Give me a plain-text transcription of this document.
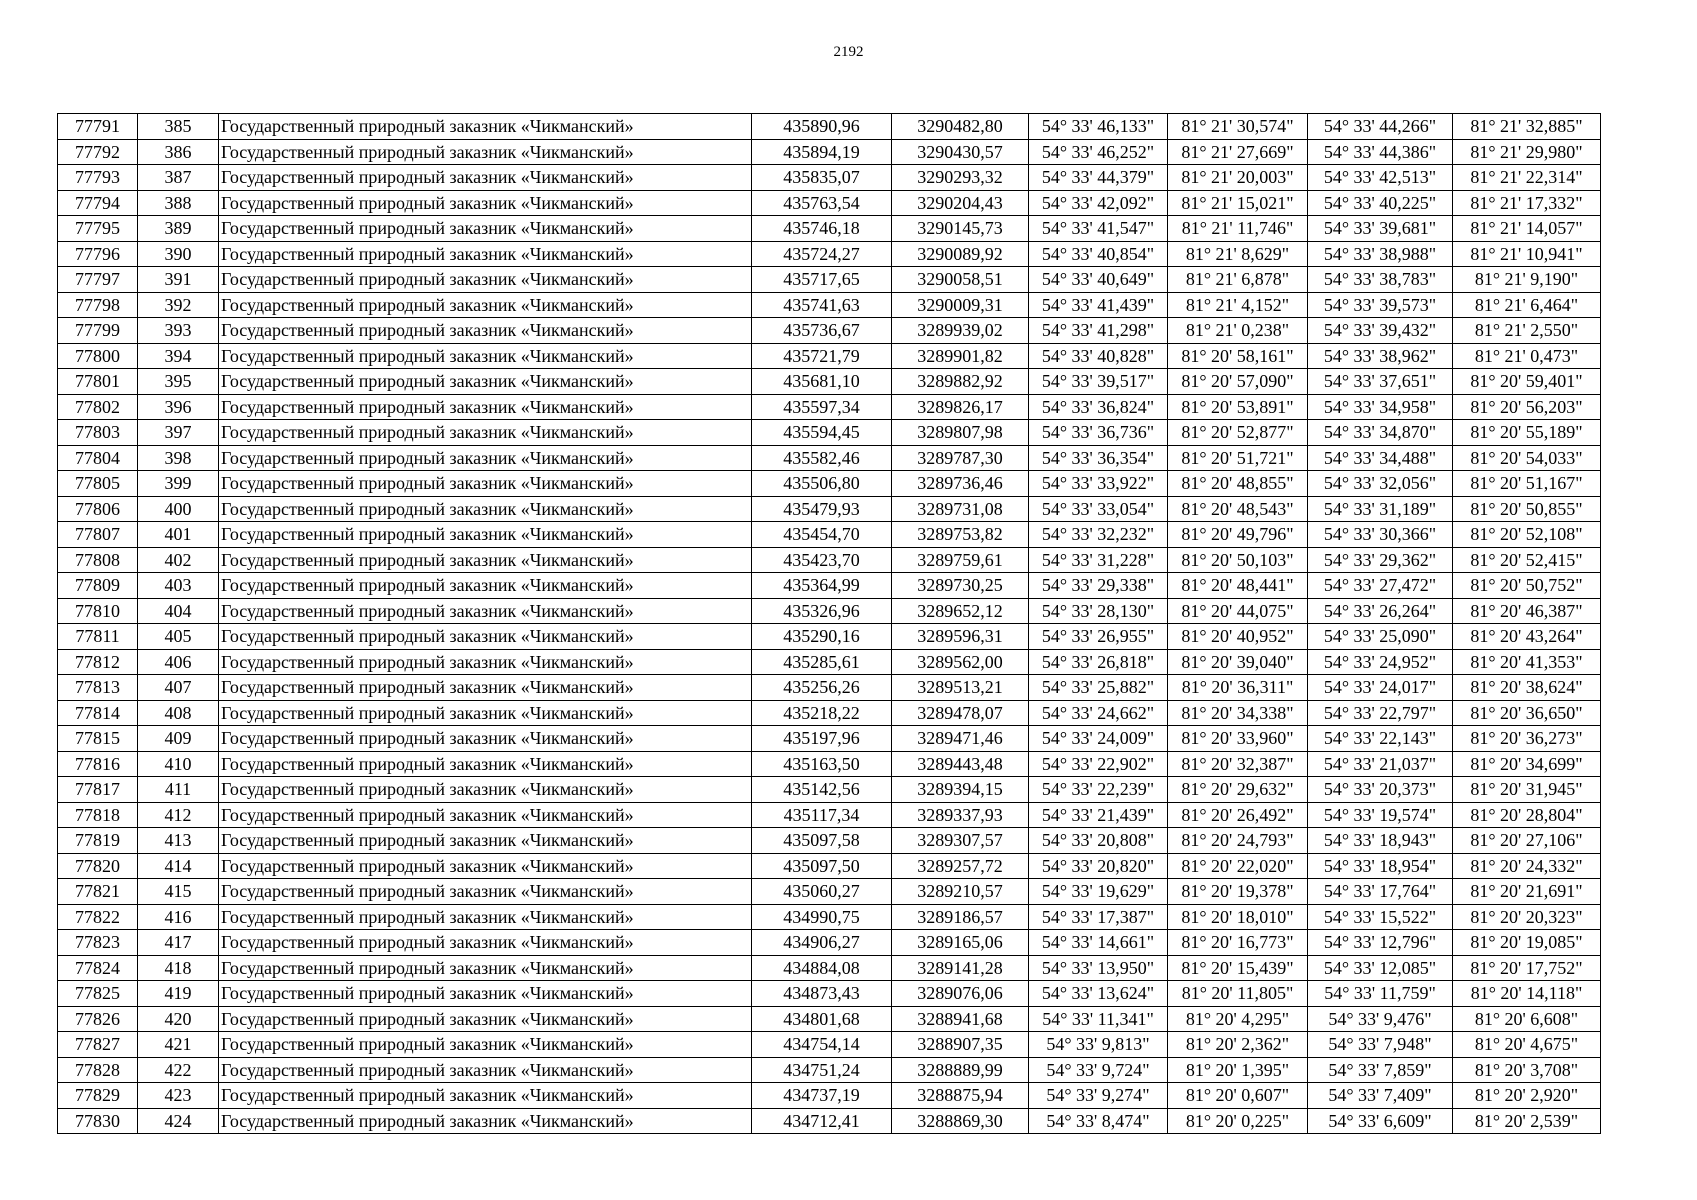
2192
77791	385	Государственный природный заказник «Чикманский»	435890,96	3290482,80	54° 33' 46,133"	81° 21' 30,574"	54° 33' 44,266"	81° 21' 32,885"
77792	386	Государственный природный заказник «Чикманский»	435894,19	3290430,57	54° 33' 46,252"	81° 21' 27,669"	54° 33' 44,386"	81° 21' 29,980"
77793	387	Государственный природный заказник «Чикманский»	435835,07	3290293,32	54° 33' 44,379"	81° 21' 20,003"	54° 33' 42,513"	81° 21' 22,314"
77794	388	Государственный природный заказник «Чикманский»	435763,54	3290204,43	54° 33' 42,092"	81° 21' 15,021"	54° 33' 40,225"	81° 21' 17,332"
77795	389	Государственный природный заказник «Чикманский»	435746,18	3290145,73	54° 33' 41,547"	81° 21' 11,746"	54° 33' 39,681"	81° 21' 14,057"
77796	390	Государственный природный заказник «Чикманский»	435724,27	3290089,92	54° 33' 40,854"	81° 21' 8,629"	54° 33' 38,988"	81° 21' 10,941"
77797	391	Государственный природный заказник «Чикманский»	435717,65	3290058,51	54° 33' 40,649"	81° 21' 6,878"	54° 33' 38,783"	81° 21' 9,190"
77798	392	Государственный природный заказник «Чикманский»	435741,63	3290009,31	54° 33' 41,439"	81° 21' 4,152"	54° 33' 39,573"	81° 21' 6,464"
77799	393	Государственный природный заказник «Чикманский»	435736,67	3289939,02	54° 33' 41,298"	81° 21' 0,238"	54° 33' 39,432"	81° 21' 2,550"
77800	394	Государственный природный заказник «Чикманский»	435721,79	3289901,82	54° 33' 40,828"	81° 20' 58,161"	54° 33' 38,962"	81° 21' 0,473"
77801	395	Государственный природный заказник «Чикманский»	435681,10	3289882,92	54° 33' 39,517"	81° 20' 57,090"	54° 33' 37,651"	81° 20' 59,401"
77802	396	Государственный природный заказник «Чикманский»	435597,34	3289826,17	54° 33' 36,824"	81° 20' 53,891"	54° 33' 34,958"	81° 20' 56,203"
77803	397	Государственный природный заказник «Чикманский»	435594,45	3289807,98	54° 33' 36,736"	81° 20' 52,877"	54° 33' 34,870"	81° 20' 55,189"
77804	398	Государственный природный заказник «Чикманский»	435582,46	3289787,30	54° 33' 36,354"	81° 20' 51,721"	54° 33' 34,488"	81° 20' 54,033"
77805	399	Государственный природный заказник «Чикманский»	435506,80	3289736,46	54° 33' 33,922"	81° 20' 48,855"	54° 33' 32,056"	81° 20' 51,167"
77806	400	Государственный природный заказник «Чикманский»	435479,93	3289731,08	54° 33' 33,054"	81° 20' 48,543"	54° 33' 31,189"	81° 20' 50,855"
77807	401	Государственный природный заказник «Чикманский»	435454,70	3289753,82	54° 33' 32,232"	81° 20' 49,796"	54° 33' 30,366"	81° 20' 52,108"
77808	402	Государственный природный заказник «Чикманский»	435423,70	3289759,61	54° 33' 31,228"	81° 20' 50,103"	54° 33' 29,362"	81° 20' 52,415"
77809	403	Государственный природный заказник «Чикманский»	435364,99	3289730,25	54° 33' 29,338"	81° 20' 48,441"	54° 33' 27,472"	81° 20' 50,752"
77810	404	Государственный природный заказник «Чикманский»	435326,96	3289652,12	54° 33' 28,130"	81° 20' 44,075"	54° 33' 26,264"	81° 20' 46,387"
77811	405	Государственный природный заказник «Чикманский»	435290,16	3289596,31	54° 33' 26,955"	81° 20' 40,952"	54° 33' 25,090"	81° 20' 43,264"
77812	406	Государственный природный заказник «Чикманский»	435285,61	3289562,00	54° 33' 26,818"	81° 20' 39,040"	54° 33' 24,952"	81° 20' 41,353"
77813	407	Государственный природный заказник «Чикманский»	435256,26	3289513,21	54° 33' 25,882"	81° 20' 36,311"	54° 33' 24,017"	81° 20' 38,624"
77814	408	Государственный природный заказник «Чикманский»	435218,22	3289478,07	54° 33' 24,662"	81° 20' 34,338"	54° 33' 22,797"	81° 20' 36,650"
77815	409	Государственный природный заказник «Чикманский»	435197,96	3289471,46	54° 33' 24,009"	81° 20' 33,960"	54° 33' 22,143"	81° 20' 36,273"
77816	410	Государственный природный заказник «Чикманский»	435163,50	3289443,48	54° 33' 22,902"	81° 20' 32,387"	54° 33' 21,037"	81° 20' 34,699"
77817	411	Государственный природный заказник «Чикманский»	435142,56	3289394,15	54° 33' 22,239"	81° 20' 29,632"	54° 33' 20,373"	81° 20' 31,945"
77818	412	Государственный природный заказник «Чикманский»	435117,34	3289337,93	54° 33' 21,439"	81° 20' 26,492"	54° 33' 19,574"	81° 20' 28,804"
77819	413	Государственный природный заказник «Чикманский»	435097,58	3289307,57	54° 33' 20,808"	81° 20' 24,793"	54° 33' 18,943"	81° 20' 27,106"
77820	414	Государственный природный заказник «Чикманский»	435097,50	3289257,72	54° 33' 20,820"	81° 20' 22,020"	54° 33' 18,954"	81° 20' 24,332"
77821	415	Государственный природный заказник «Чикманский»	435060,27	3289210,57	54° 33' 19,629"	81° 20' 19,378"	54° 33' 17,764"	81° 20' 21,691"
77822	416	Государственный природный заказник «Чикманский»	434990,75	3289186,57	54° 33' 17,387"	81° 20' 18,010"	54° 33' 15,522"	81° 20' 20,323"
77823	417	Государственный природный заказник «Чикманский»	434906,27	3289165,06	54° 33' 14,661"	81° 20' 16,773"	54° 33' 12,796"	81° 20' 19,085"
77824	418	Государственный природный заказник «Чикманский»	434884,08	3289141,28	54° 33' 13,950"	81° 20' 15,439"	54° 33' 12,085"	81° 20' 17,752"
77825	419	Государственный природный заказник «Чикманский»	434873,43	3289076,06	54° 33' 13,624"	81° 20' 11,805"	54° 33' 11,759"	81° 20' 14,118"
77826	420	Государственный природный заказник «Чикманский»	434801,68	3288941,68	54° 33' 11,341"	81° 20' 4,295"	54° 33' 9,476"	81° 20' 6,608"
77827	421	Государственный природный заказник «Чикманский»	434754,14	3288907,35	54° 33' 9,813"	81° 20' 2,362"	54° 33' 7,948"	81° 20' 4,675"
77828	422	Государственный природный заказник «Чикманский»	434751,24	3288889,99	54° 33' 9,724"	81° 20' 1,395"	54° 33' 7,859"	81° 20' 3,708"
77829	423	Государственный природный заказник «Чикманский»	434737,19	3288875,94	54° 33' 9,274"	81° 20' 0,607"	54° 33' 7,409"	81° 20' 2,920"
77830	424	Государственный природный заказник «Чикманский»	434712,41	3288869,30	54° 33' 8,474"	81° 20' 0,225"	54° 33' 6,609"	81° 20' 2,539"
